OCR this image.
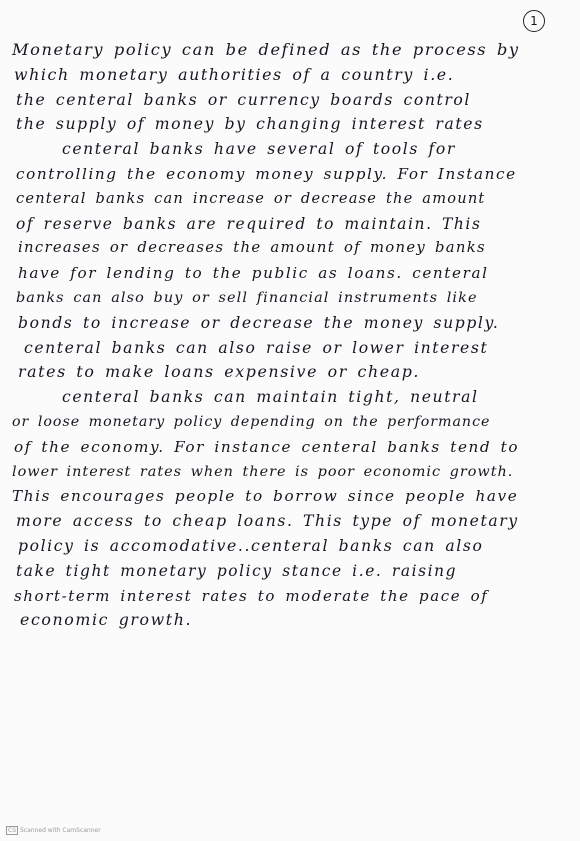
1
Monetary policy can be defined as the process by
which monetary authorities of a country i.e.
the centeral banks or currency boards control
the supply of money by changing interest rates
centeral banks have several of tools for
controlling the economy money supply. For Instance
centeral banks can increase or decrease the amount
of reserve banks are required to maintain. This
increases or decreases the amount of money banks
have for lending to the public as loans. centeral
banks can also buy or sell financial instruments like
bonds to increase or decrease the money supply.
centeral banks can also raise or lower interest
rates to make loans expensive or cheap.
centeral banks can maintain tight, neutral
or loose monetary policy depending on the performance
of the economy. For instance centeral banks tend to
lower interest rates when there is poor economic growth.
This encourages people to borrow since people have
more access to cheap loans. This type of monetary
policy is accomodative..centeral banks can also
take tight monetary policy stance i.e. raising
short-term interest rates to moderate the pace of
economic growth.
CS Scanned with CamScanner
